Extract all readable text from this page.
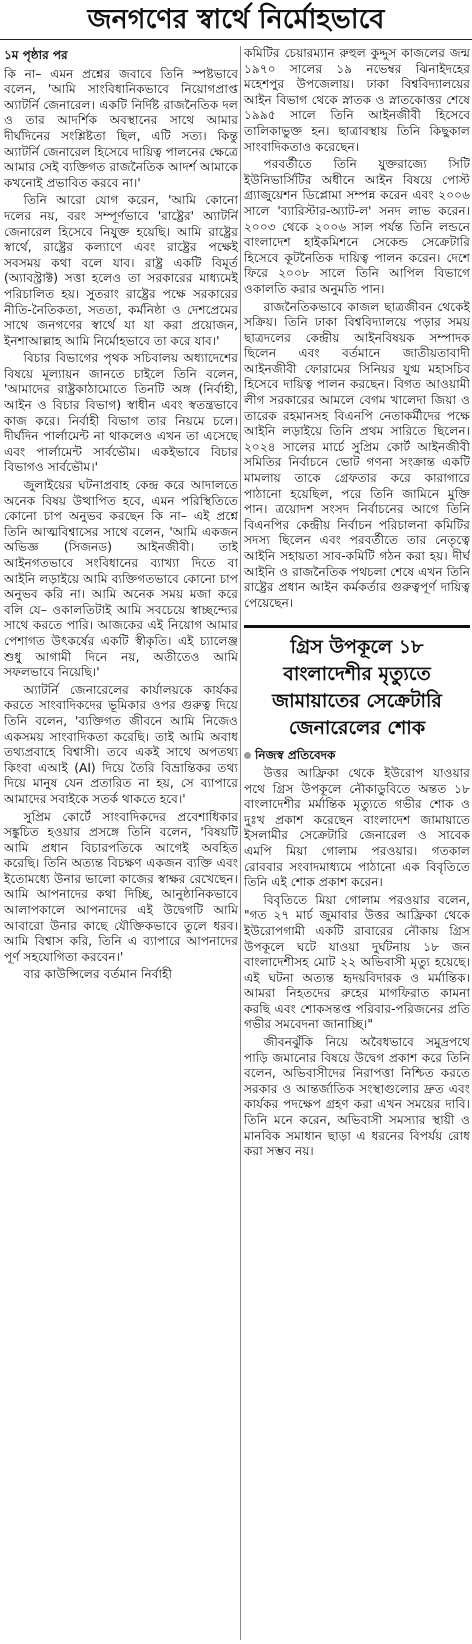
জনগণের স্বার্থে নির্মোহভাবে
১ম পৃষ্ঠার পর

কি না– এমন প্রশ্নের জবাবে তিনি স্পষ্টভাবে বলেন, 'আমি সাংবিধানিকভাবে নিয়োগপ্রাপ্ত অ্যাটর্নি জেনারেল। একটি নির্দিষ্ট রাজনৈতিক দল ও তার আদর্শিক অবস্থানের সাথে আমার দীর্ঘদিনের সংশ্লিষ্টতা ছিল, এটি সত্য। কিন্তু অ্যাটর্নি জেনারেল হিসেবে দায়িত্ব পালনের ক্ষেত্রে আমার সেই ব্যক্তিগত রাজনৈতিক আদর্শ আমাকে কখনোই প্রভাবিত করবে না।'

তিনি আরো যোগ করেন, 'আমি কোনো দলের নয়, বরং সম্পূর্ণভাবে 'রাষ্ট্রের' অ্যাটর্নি জেনারেল হিসেবে নিযুক্ত হয়েছি। আমি রাষ্ট্রের স্বার্থে, রাষ্ট্রের কল্যাণে এবং রাষ্ট্রের পক্ষেই সবসময় কথা বলে যাব। রাষ্ট্র একটি বিমূর্ত (অ্যাবস্ট্রাক্ট) সত্তা হলেও তা সরকারের মাধ্যমেই পরিচালিত হয়। সুতরাং রাষ্ট্রের পক্ষে সরকারের নীতি-নৈতিকতা, সততা, কর্মনিষ্ঠা ও দেশপ্রেমের সাথে জনগণের স্বার্থে যা যা করা প্রয়োজন, ইনশাআল্লাহ আমি নির্মোহভাবে তা করে যাব।'

বিচার বিভাগের পৃথক সচিবালয় অধ্যাদেশের বিষয়ে মূল্যায়ন জানতে চাইলে তিনি বলেন, 'আমাদের রাষ্ট্রকাঠামোতে তিনটি অঙ্গ (নির্বাহী, আইন ও বিচার বিভাগ) স্বাধীন এবং স্বতন্ত্রভাবে কাজ করে। নির্বাহী বিভাগ তার নিয়মে চলে। দীর্ঘদিন পার্লামেন্ট না থাকলেও এখন তা এসেছে এবং পার্লামেন্ট সার্বভৌম। একইভাবে বিচার বিভাগও সার্বভৌম।'

জুলাইয়ের ঘটনাপ্রবাহ কেন্দ্র করে আদালতে অনেক বিষয় উত্থাপিত হবে, এমন পরিস্থিতিতে কোনো চাপ অনুভব করছেন কি না– এই প্রশ্নে তিনি আত্মবিশ্বাসের সাথে বলেন, 'আমি একজন অভিজ্ঞ (সিজনড) আইনজীবী। তাই আইনগতভাবে সংবিধানের ব্যাখ্যা দিতে বা আইনি লড়াইয়ে আমি ব্যক্তিগতভাবে কোনো চাপ অনুভব করি না। আমি অনেক সময় মজা করে বলি যে– ওকালতিটাই আমি সবচেয়ে স্বাচ্ছন্দ্যের সাথে করতে পারি। আজকের এই নিয়োগ আমার পেশাগত উৎকর্ষের একটি স্বীকৃতি। এই চ্যালেঞ্জ শুধু আগামী দিনে নয়, অতীতেও আমি সফলভাবে নিয়েছি।'

অ্যাটর্নি জেনারেলের কার্যালয়কে কার্যকর করতে সাংবাদিকদের ভূমিকার ওপর গুরুত্ব দিয়ে তিনি বলেন, 'ব্যক্তিগত জীবনে আমি নিজেও একসময় সাংবাদিকতা করেছি। তাই আমি অবাধ তথ্যপ্রবাহে বিশ্বাসী। তবে একই সাথে অপতথ্য কিংবা এআই (AI) দিয়ে তৈরি বিভ্রান্তিকর তথ্য দিয়ে মানুষ যেন প্রতারিত না হয়, সে ব্যাপারে আমাদের সবাইকে সতর্ক থাকতে হবে।'

সুপ্রিম কোর্টে সাংবাদিকদের প্রবেশাধিকার সঙ্কুচিত হওয়ার প্রসঙ্গে তিনি বলেন, 'বিষয়টি আমি প্রধান বিচারপতিকে আগেই অবহিত করেছি। তিনি অত্যন্ত বিচক্ষণ একজন ব্যক্তি এবং ইতোমধ্যে উনার ভালো কাজের স্বাক্ষর রেখেছেন। আমি আপনাদের কথা দিচ্ছি, আনুষ্ঠানিকভাবে আলাপকালে আপনাদের এই উদ্বেগটি আমি আবারো উনার কাছে যৌক্তিকভাবে তুলে ধরব। আমি বিশ্বাস করি, তিনি এ ব্যাপারে আপনাদের পূর্ণ সহযোগিতা করবেন।'

বার কাউন্সিলের বর্তমান নির্বাহী

কমিটির চেয়ারম্যান রুহুল কুদ্দুস কাজলের জন্ম ১৯৭০ সালের ১৯ নভেম্বর ঝিনাইদহের মহেশপুর উপজেলায়। ঢাকা বিশ্ববিদ্যালয়ের আইন বিভাগ থেকে স্নাতক ও স্নাতকোত্তর শেষে ১৯৯৫ সালে তিনি আইনজীবী হিসেবে তালিকাভুক্ত হন। ছাত্রাবস্থায় তিনি কিছুকাল সাংবাদিকতাও করেছেন।

পরবর্তীতে তিনি যুক্তরাজ্যে সিটি ইউনিভার্সিটির অধীনে আইন বিষয়ে পোস্ট গ্র্যাজুয়েশন ডিপ্লোমা সম্পন্ন করেন এবং ২০০৬ সালে 'ব্যারিস্টার-অ্যাট-ল' সনদ লাভ করেন। ২০০৩ থেকে ২০০৬ সাল পর্যন্ত তিনি লন্ডনে বাংলাদেশ হাইকমিশনে সেকেন্ড সেক্রেটারি হিসেবে কূটনৈতিক দায়িত্ব পালন করেন। দেশে ফিরে ২০০৮ সালে তিনি আপিল বিভাগে ওকালতি করার অনুমতি পান।

রাজনৈতিকভাবে কাজল ছাত্রজীবন থেকেই সক্রিয়। তিনি ঢাকা বিশ্ববিদ্যালয়ে পড়ার সময় ছাত্রদলের কেন্দ্রীয় আইনবিষয়ক সম্পাদক ছিলেন এবং বর্তমানে জাতীয়তাবাদী আইনজীবী ফোরামের সিনিয়র যুগ্ম মহাসচিব হিসেবে দায়িত্ব পালন করছেন। বিগত আওয়ামী লীগ সরকারের আমলে বেগম খালেদা জিয়া ও তারেক রহমানসহ বিএনপি নেতাকর্মীদের পক্ষে আইনি লড়াইয়ে তিনি প্রথম সারিতে ছিলেন। ২০২৪ সালের মার্চে সুপ্রিম কোর্ট আইনজীবী সমিতির নির্বাচনে ভোট গণনা সংক্রান্ত একটি মামলায় তাকে গ্রেফতার করে কারাগারে পাঠানো হয়েছিল, পরে তিনি জামিনে মুক্তি পান। ত্রয়োদশ সংসদ নির্বাচনের আগে তিনি বিএনপির কেন্দ্রীয় নির্বাচন পরিচালনা কমিটির সদস্য ছিলেন এবং পরবর্তীতে তার নেতৃত্বে আইনি সহায়তা সাব-কমিটি গঠন করা হয়। দীর্ঘ আইনি ও রাজনৈতিক পথচলা শেষে এখন তিনি রাষ্ট্রের প্রধান আইন কর্মকর্তার গুরুত্বপূর্ণ দায়িত্ব পেয়েছেন।

গ্রিস উপকূলে ১৮ বাংলাদেশীর মৃত্যুতে জামায়াতের সেক্রেটারি জেনারেলের শোক
নিজস্ব প্রতিবেদক

উত্তর আফ্রিকা থেকে ইউরোপ যাওয়ার পথে গ্রিস উপকূলে নৌকাডুবিতে অন্তত ১৮ বাংলাদেশীর মর্মান্তিক মৃত্যুতে গভীর শোক ও দুঃখ প্রকাশ করেছেন বাংলাদেশ জামায়াতে ইসলামীর সেক্রেটারি জেনারেল ও সাবেক এমপি মিয়া গোলাম পরওয়ার। গতকাল রোববার সংবাদমাধ্যমে পাঠানো এক বিবৃতিতে তিনি এই শোক প্রকাশ করেন।

বিবৃতিতে মিয়া গোলাম পরওয়ার বলেন, "গত ২৭ মার্চ জুমাবার উত্তর আফ্রিকা থেকে ইউরোপগামী একটি রাবারের নৌকায় গ্রিস উপকূলে ঘটে যাওয়া দুর্ঘটনায় ১৮ জন বাংলাদেশীসহ মোট ২২ অভিবাসী মৃত্যু হয়েছে। এই ঘটনা অত্যন্ত হৃদয়বিদারক ও মর্মান্তিক। আমরা নিহতদের রুহের মাগফিরাত কামনা করছি এবং শোকসন্তপ্ত পরিবার-পরিজনের প্রতি গভীর সমবেদনা জানাচ্ছি।"

জীবনঝুঁকি নিয়ে অবৈধভাবে সমুদ্রপথে পাড়ি জমানোর বিষয়ে উদ্বেগ প্রকাশ করে তিনি বলেন, অভিবাসীদের নিরাপত্তা নিশ্চিত করতে সরকার ও আন্তর্জাতিক সংস্থাগুলোর দ্রুত এবং কার্যকর পদক্ষেপ গ্রহণ করা এখন সময়ের দাবি। তিনি মনে করেন, অভিবাসী সমস্যার স্থায়ী ও মানবিক সমাধান ছাড়া এ ধরনের বিপর্যয় রোধ করা সম্ভব নয়।
